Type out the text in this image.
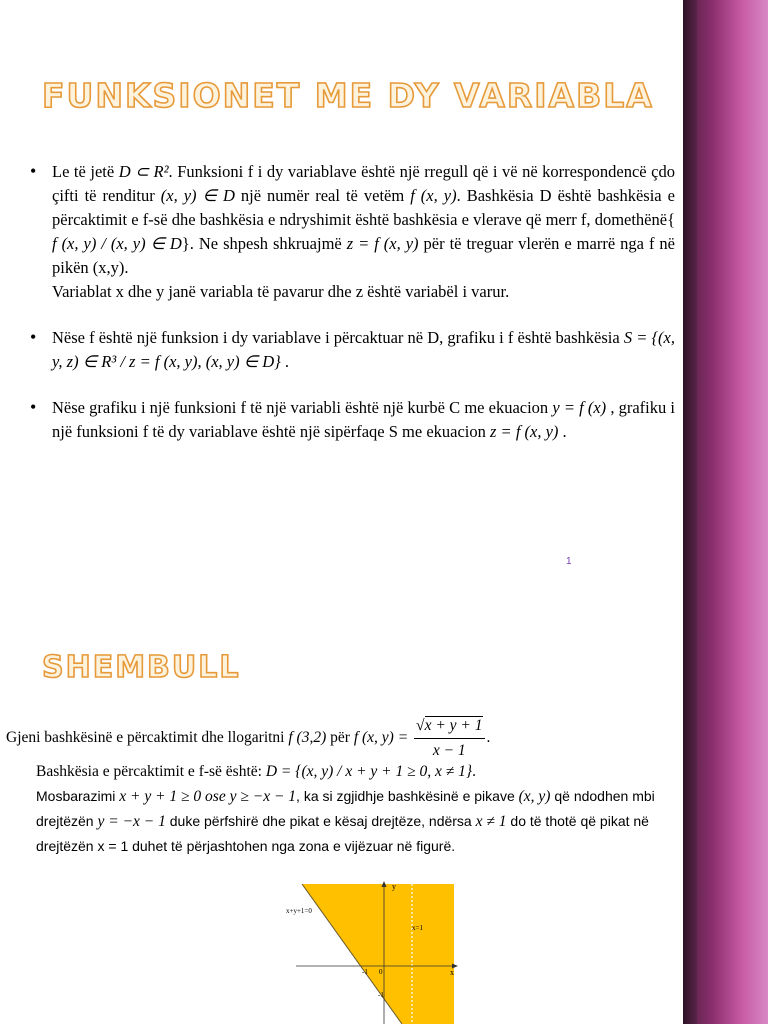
FUNKSIONET ME DY VARIABLA
• Le të jetë D ⊂ R². Funksioni f i dy variablave është një rregull që i vë në korrespondencë çdo çifti të renditur (x, y) ∈ D një numër real të vetëm f (x, y). Bashkësia D është bashkësia e përcaktimit e f-së dhe bashkësia e ndryshimit është bashkësia e vlerave që merr f, domethënë{ f (x, y) / (x, y) ∈ D}. Ne shpesh shkruajmë z = f (x, y) për të treguar vlerën e marrë nga f në pikën (x,y).
Variablat x dhe y janë variabla të pavarur dhe z është variabël i varur.
• Nëse f është një funksion i dy variablave i përcaktuar në D, grafiku i f është bashkësia S = {(x, y, z) ∈ R³ / z = f (x, y), (x, y) ∈ D} .
• Nëse grafiku i një funksioni f të një variabli është një kurbë C me ekuacion y = f (x) , grafiku i një funksioni f të dy variablave është një sipërfaqe S me ekuacion z = f (x, y) .
1
SHEMBULL
Gjeni bashkësinë e përcaktimit dhe llogaritni f (3,2) për f (x, $y) = \frac{√x + y + 1}{x - 1}$ .
Bashkësia e përcaktimit e f-së është: D = {(x, y) / x + y + 1 ≥ 0, x ≠ 1}.
Mosbarazimi x + y + 1 ≥ 0 ose y ≥ −x − 1, ka si zgjidhje bashkësinë e pikave (x, y) që ndodhen mbi drejtëzën y = −x − 1 duke përfshirë dhe pikat e kësaj drejtëze, ndërsa x ≠ 1 do të thotë që pikat në drejtëzën x = 1 duhet të përjashtohen nga zona e vijëzuar në figurë.
x+y+1=0
x=1
x
y
-1 0
-1
